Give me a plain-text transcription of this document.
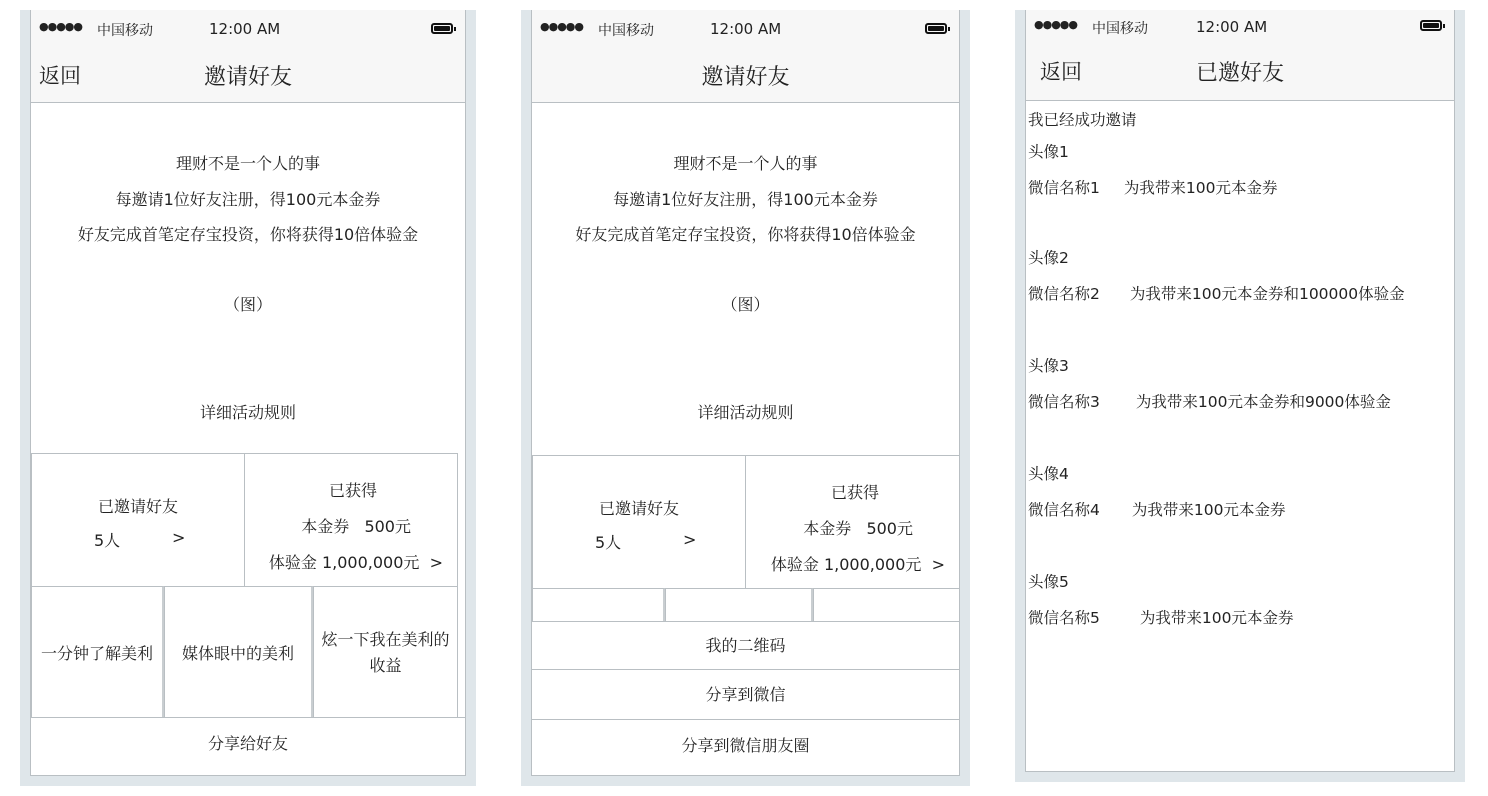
●●●●● 中国移动	12:00 AM
返回	邀请好友
理财不是一个人的事
每邀请1位好友注册，得100元本金券
好友完成首笔定存宝投资，你将获得10倍体验金
（图）
详细活动规则
已邀请好友
5人	>
已获得
本金券   500元
体验金 1,000,000元  >
一分钟了解美利	媒体眼中的美利
炫一下我在美利的收益
分享给好友
●●●●● 中国移动	12:00 AM
邀请好友
理财不是一个人的事
每邀请1位好友注册，得100元本金券
好友完成首笔定存宝投资，你将获得10倍体验金
（图）
详细活动规则
已邀请好友
5人	>
已获得
本金券   500元
体验金 1,000,000元  >
我的二维码
分享到微信
分享到微信朋友圈
●●●●● 中国移动	12:00 AM
返回	已邀好友
我已经成功邀请
头像1
微信名称1 为我带来100元本金券
头像2
微信名称2 为我带来100元本金券和100000体验金
头像3
微信名称3 为我带来100元本金券和9000体验金
头像4
微信名称4 为我带来100元本金券
头像5
微信名称5	为我带来100元本金券
